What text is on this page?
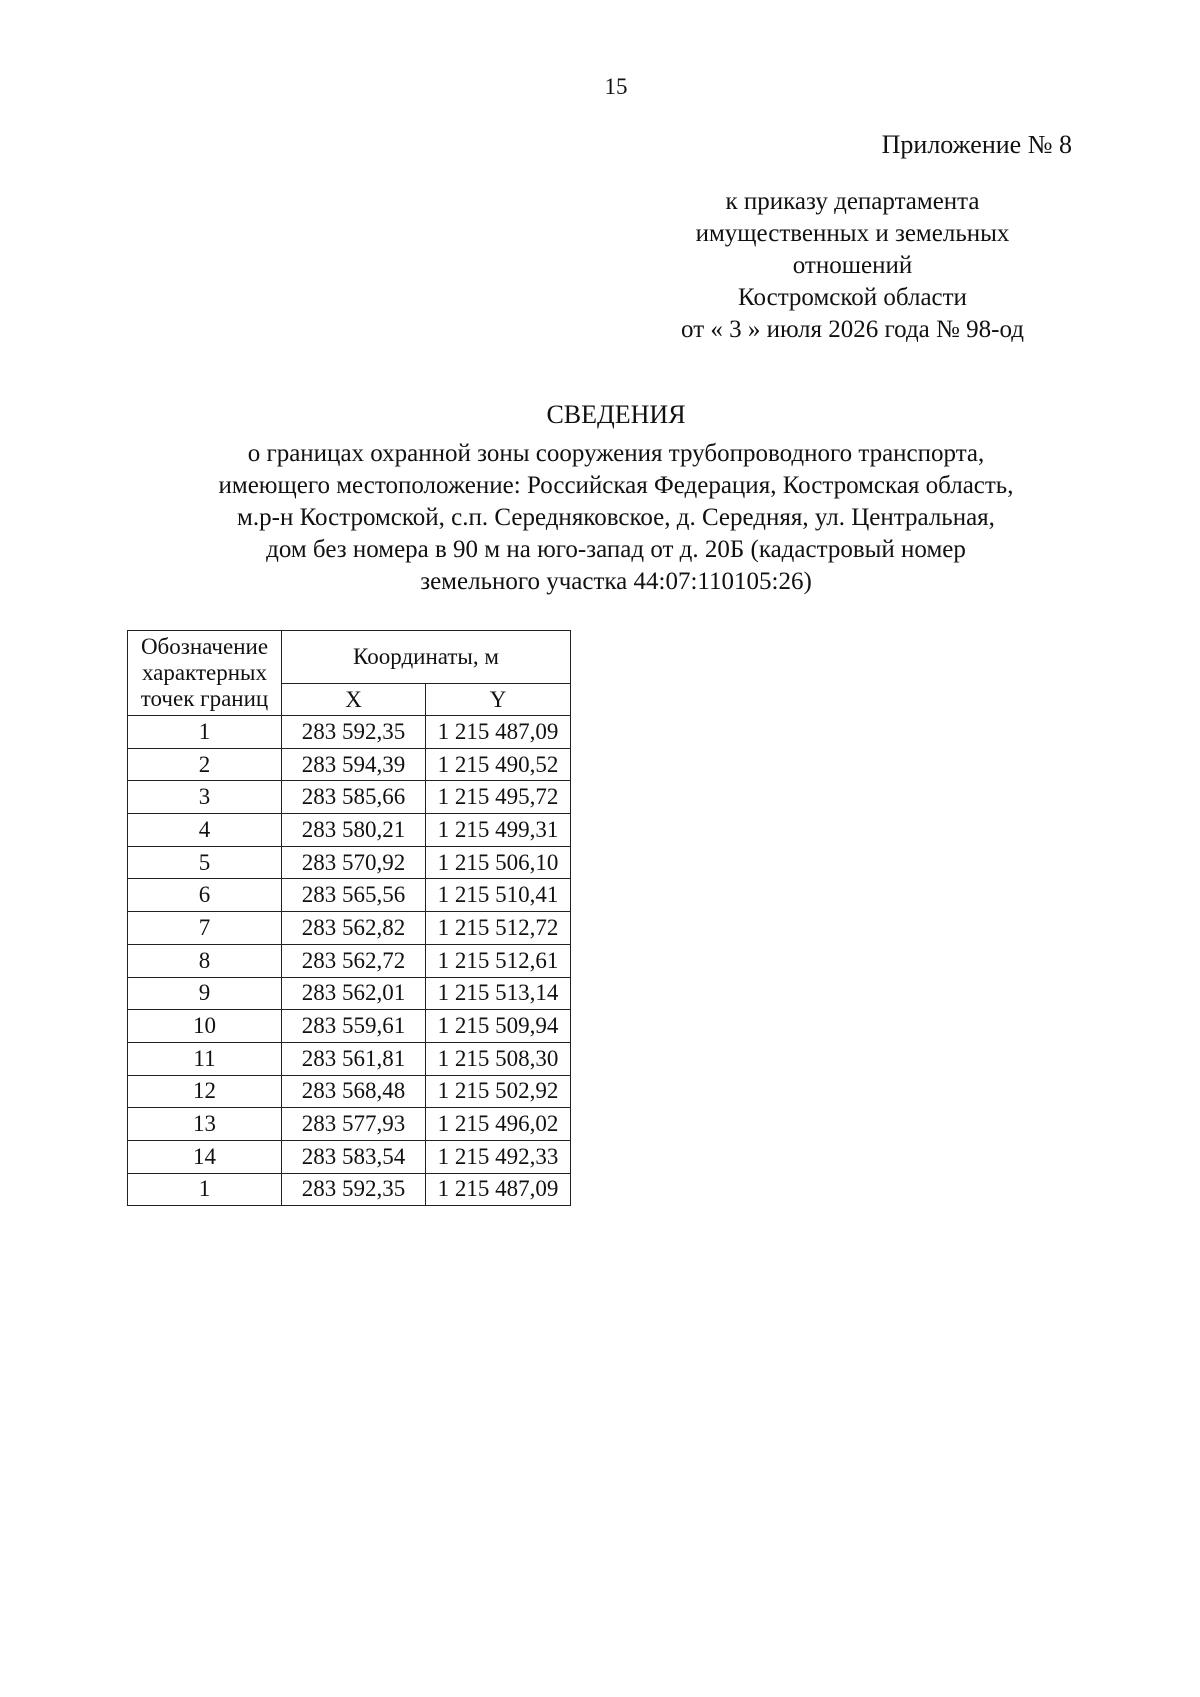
15
Приложение № 8
к приказу департамента
имущественных и земельных
отношений
Костромской области
от « 3 » июля 2026 года № 98-од
СВЕДЕНИЯ
о границах охранной зоны сооружения трубопроводного транспорта,
имеющего местоположение: Российская Федерация, Костромская область,
м.р-н Костромской, с.п. Середняковское, д. Середняя, ул. Центральная,
дом без номера в 90 м на юго-запад от д. 20Б (кадастровый номер
земельного участка 44:07:110105:26)
Обозначение характерных точек границ	Координаты, м	
	X	Y
1	283 592,35	1 215 487,09
2	283 594,39	1 215 490,52
3	283 585,66	1 215 495,72
4	283 580,21	1 215 499,31
5	283 570,92	1 215 506,10
6	283 565,56	1 215 510,41
7	283 562,82	1 215 512,72
8	283 562,72	1 215 512,61
9	283 562,01	1 215 513,14
10	283 559,61	1 215 509,94
11	283 561,81	1 215 508,30
12	283 568,48	1 215 502,92
13	283 577,93	1 215 496,02
14	283 583,54	1 215 492,33
1	283 592,35	1 215 487,09
